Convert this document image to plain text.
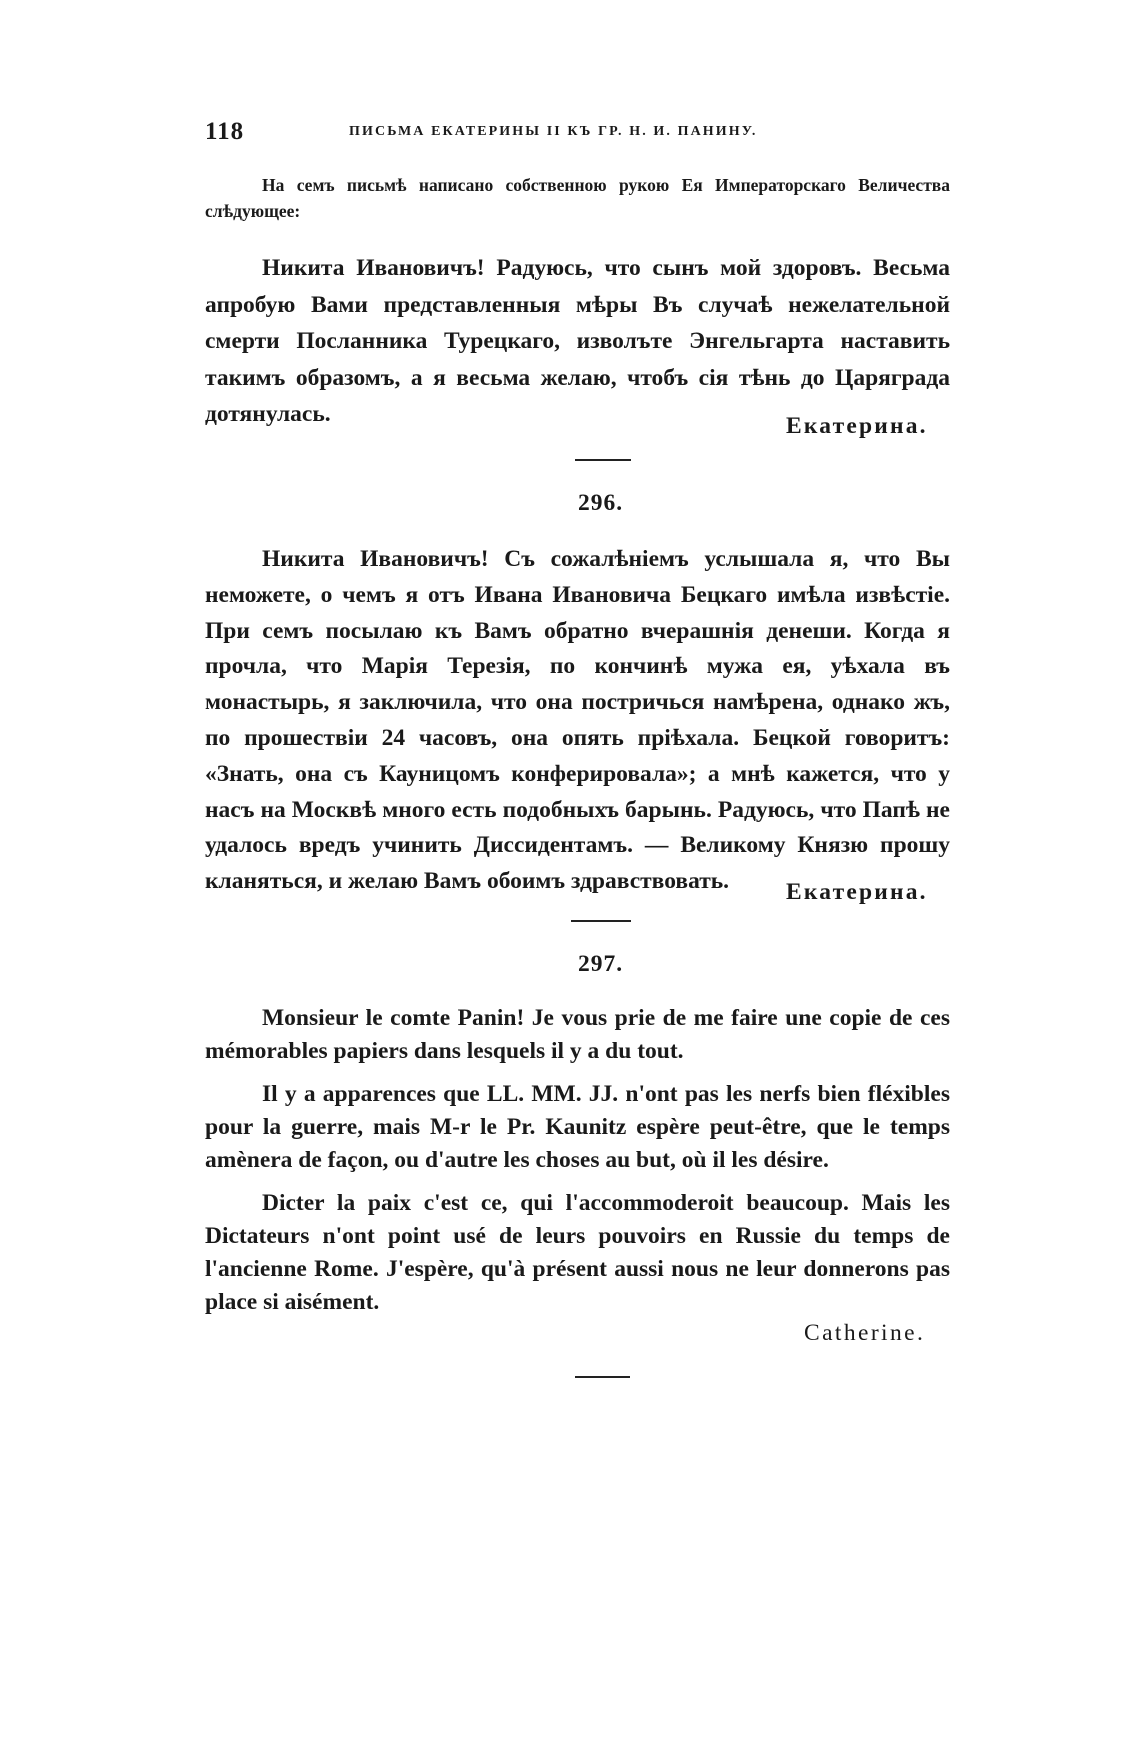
118	ПИСЬМА ЕКАТЕРИНЫ II КЪ ГР. Н. И. ПАНИНУ.

На семъ письмѣ написано собственною рукою Ея Императорскаго Величества слѣдующее:

Никита Ивановичъ! Радуюсь, что сынъ мой здоровъ. Весьма апробую Вами представленныя мѣры Въ случаѣ нежелательной смерти Посланника Турецкаго, изволъте Энгельгарта наставить такимъ образомъ, а я весьма желаю, чтобъ сія тѣнь до Царяграда дотянулась.	Екатерина.
296.

Никита Ивановичъ! Съ сожалѣніемъ услышала я, что Вы неможете, о чемъ я отъ Ивана Ивановича Бецкаго имѣла извѣстіе. При семъ посылаю къ Вамъ обратно вчерашнія денеши. Когда я прочла, что Марія Терезія, по кончинѣ мужа ея, уѣхала въ монастырь, я заключила, что она постричься намѣрена, однако жъ, по прошествіи 24 часовъ, она опять пріѣхала. Бецкой говоритъ: «Знать, она съ Кауницомъ конферировала»; а мнѣ кажется, что у насъ на Москвѣ много есть подобныхъ барынь. Радуюсь, что Папѣ не удалось вредъ учинить Диссидентамъ. — Великому Князю прошу кланяться, и желаю Вамъ обоимъ здравствовать.	Екатерина.
297.

Monsieur le comte Panin! Je vous prie de me faire une copie de ces mémorables papiers dans lesquels il y a du tout.

Il y a apparences que LL. MM. JJ. n'ont pas les nerfs bien fléxibles pour la guerre, mais M-r le Pr. Kaunitz espère peut-être, que le temps amènera de façon, ou d'autre les choses au but, où il les désire.

Dicter la paix c'est ce, qui l'accommoderoit beaucoup. Mais les Dictateurs n'ont point usé de leurs pouvoirs en Russie du temps de l'ancienne Rome. J'espère, qu'à présent aussi nous ne leur donnerons pas place si aisément.

Catherine.
